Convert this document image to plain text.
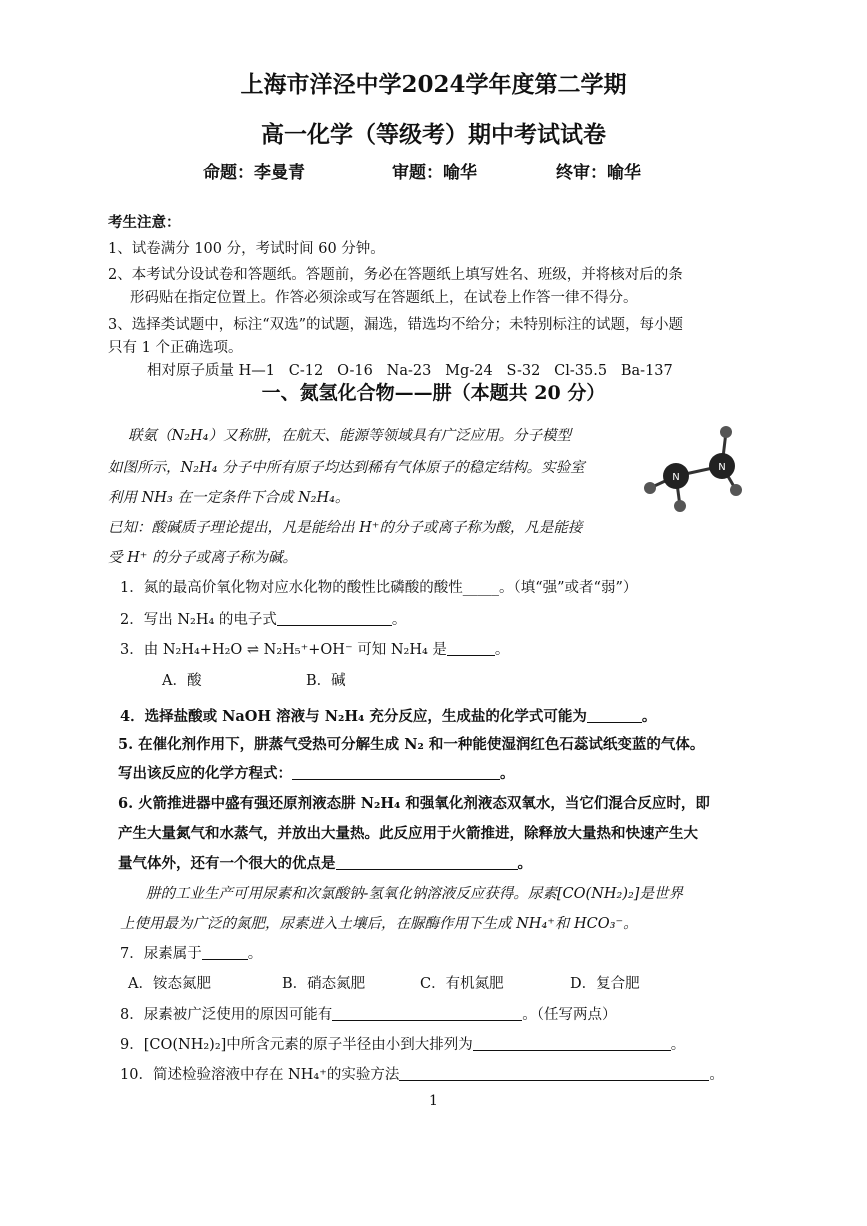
上海市洋泾中学2024学年度第二学期
高一化学（等级考）期中考试试卷
命题：李曼青	审题：喻华	终审：喻华
考生注意：
1、试卷满分 100 分，考试时间 60 分钟。
2、本考试分设试卷和答题纸。答题前，务必在答题纸上填写姓名、班级，并将核对后的条
形码贴在指定位置上。作答必须涂或写在答题纸上，在试卷上作答一律不得分。
3、选择类试题中，标注“双选”的试题，漏选，错选均不给分；未特别标注的试题，每小题
只有 1 个正确选项。
相对原子质量 H—1   C-12   O-16   Na-23   Mg-24   S-32   Cl-35.5   Ba-137
一、氮氢化合物——肼（本题共 20 分）
联氨（N₂H₄）又称肼，在航天、能源等领域具有广泛应用。分子模型
如图所示，N₂H₄ 分子中所有原子均达到稀有气体原子的稳定结构。实验室
利用 NH₃ 在一定条件下合成 N₂H₄。
已知：酸碱质子理论提出，凡是能给出 H⁺的分子或离子称为酸，凡是能接
受 H⁺ 的分子或离子称为碱。
N
N
1．氮的最高价氧化物对应水化物的酸性比磷酸的酸性_____。（填“强”或者“弱”）
2．写出 N₂H₄ 的电子式	。
3．由 N₂H₄+H₂O ⇌ N₂H₅⁺+OH⁻ 可知 N₂H₄ 是	。
A．酸	B．碱
4．选择盐酸或 NaOH 溶液与 N₂H₄ 充分反应，生成盐的化学式可能为	。
5. 在催化剂作用下，肼蒸气受热可分解生成 N₂ 和一种能使湿润红色石蕊试纸变蓝的气体。
写出该反应的化学方程式：	。
6. 火箭推进器中盛有强还原剂液态肼 N₂H₄ 和强氧化剂液态双氧水，当它们混合反应时，即
产生大量氮气和水蒸气，并放出大量热。此反应用于火箭推进，除释放大量热和快速产生大
量气体外，还有一个很大的优点是	。
肼的工业生产可用尿素和次氯酸钠-氢氧化钠溶液反应获得。尿素[CO(NH₂)₂]是世界
上使用最为广泛的氮肥，尿素进入土壤后，在脲酶作用下生成 NH₄⁺和 HCO₃⁻。
7．尿素属于	。
A．铵态氮肥	B．硝态氮肥	C．有机氮肥	D．复合肥
8．尿素被广泛使用的原因可能有	。（任写两点）
9．[CO(NH₂)₂]中所含元素的原子半径由小到大排列为	。
10．简述检验溶液中存在 NH₄⁺的实验方法	。
1
